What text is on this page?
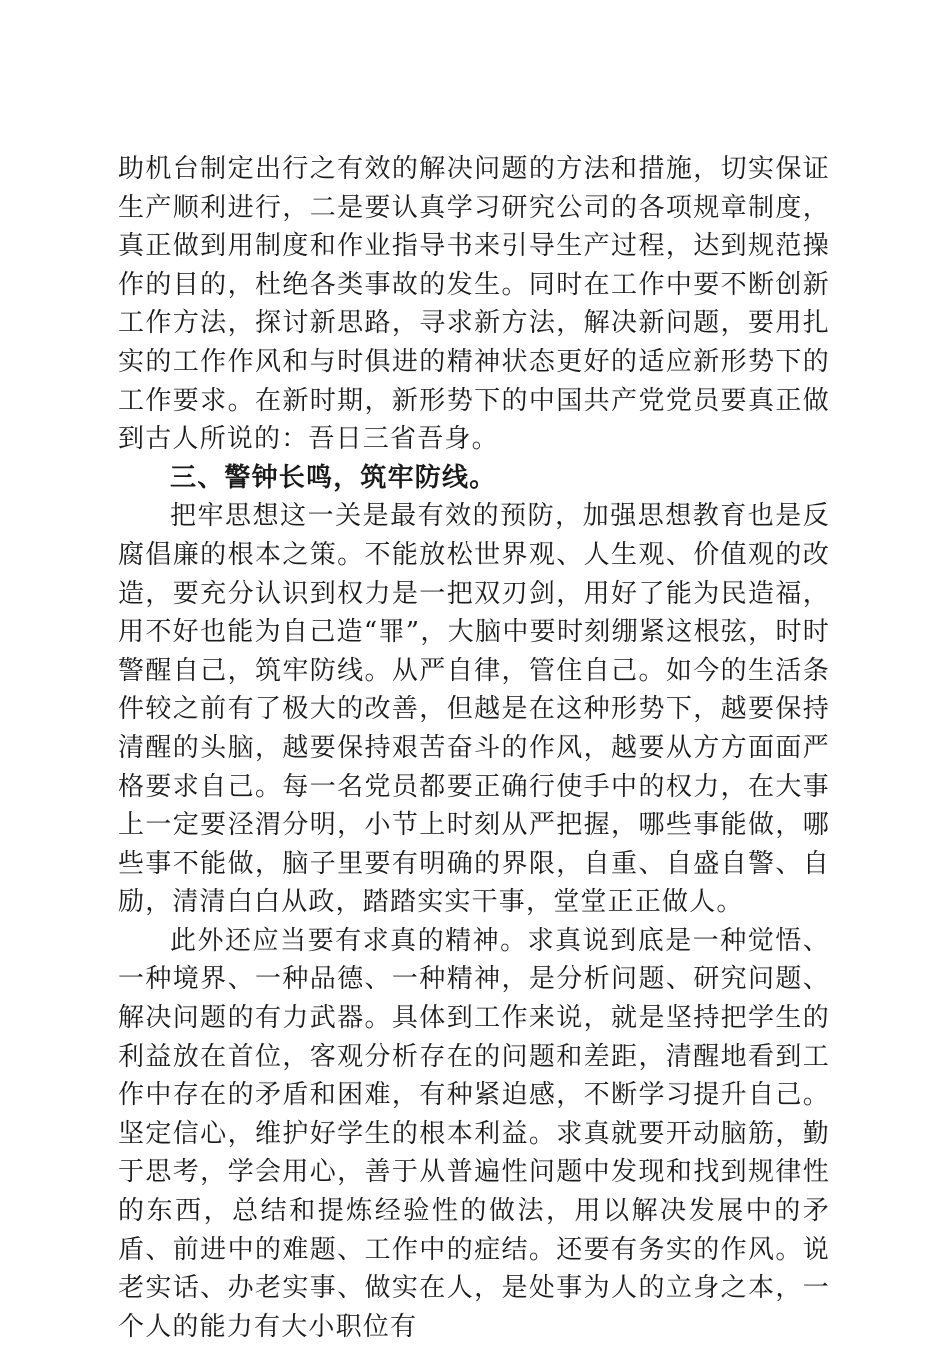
助机台制定出行之有效的解决问题的方法和措施，切实保证生产顺利进行，二是要认真学习研究公司的各项规章制度，真正做到用制度和作业指导书来引导生产过程，达到规范操作的目的，杜绝各类事故的发生。同时在工作中要不断创新工作方法，探讨新思路，寻求新方法，解决新问题，要用扎实的工作作风和与时俱进的精神状态更好的适应新形势下的工作要求。在新时期，新形势下的中国共产党党员要真正做到古人所说的：吾日三省吾身。

三、警钟长鸣，筑牢防线。

把牢思想这一关是最有效的预防，加强思想教育也是反腐倡廉的根本之策。不能放松世界观、人生观、价值观的改造，要充分认识到权力是一把双刃剑，用好了能为民造福，用不好也能为自己造“罪”，大脑中要时刻绷紧这根弦，时时警醒自己，筑牢防线。从严自律，管住自己。如今的生活条件较之前有了极大的改善，但越是在这种形势下，越要保持清醒的头脑，越要保持艰苦奋斗的作风，越要从方方面面严格要求自己。每一名党员都要正确行使手中的权力，在大事上一定要泾渭分明，小节上时刻从严把握，哪些事能做，哪些事不能做，脑子里要有明确的界限，自重、自盛自警、自励，清清白白从政，踏踏实实干事，堂堂正正做人。

此外还应当要有求真的精神。求真说到底是一种觉悟、一种境界、一种品德、一种精神，是分析问题、研究问题、解决问题的有力武器。具体到工作来说，就是坚持把学生的利益放在首位，客观分析存在的问题和差距，清醒地看到工作中存在的矛盾和困难，有种紧迫感，不断学习提升自己。坚定信心，维护好学生的根本利益。求真就要开动脑筋，勤于思考，学会用心，善于从普遍性问题中发现和找到规律性的东西，总结和提炼经验性的做法，用以解决发展中的矛盾、前进中的难题、工作中的症结。还要有务实的作风。说老实话、办老实事、做实在人，是处事为人的立身之本，一个人的能力有大小职位有
